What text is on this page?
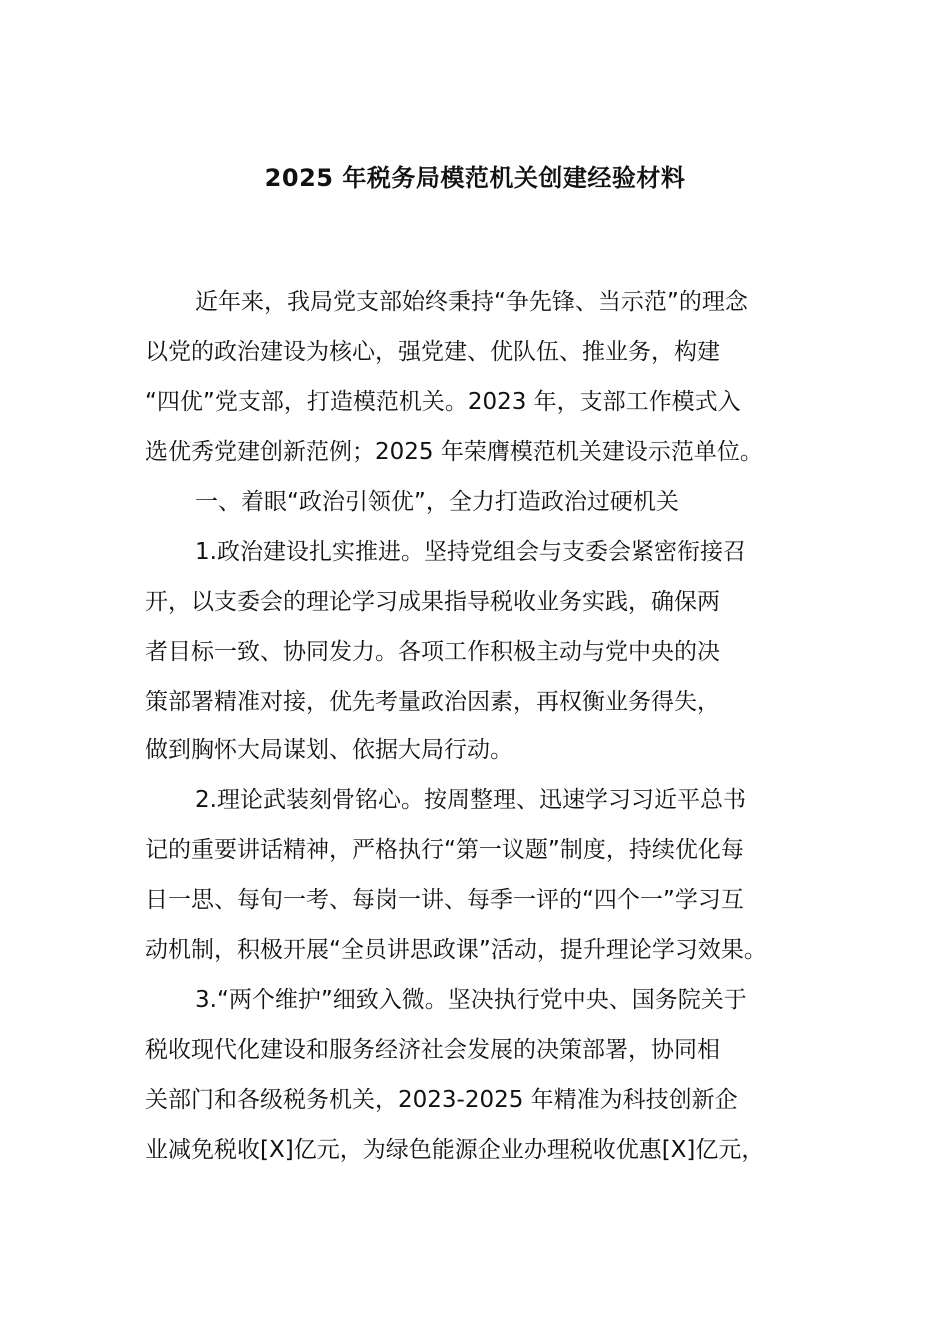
2025 年税务局模范机关创建经验材料
近年来，我局党支部始终秉持“争先锋、当示范”的理念
以党的政治建设为核心，强党建、优队伍、推业务，构建
“四优”党支部，打造模范机关。2023 年，支部工作模式入
选优秀党建创新范例；2025 年荣膺模范机关建设示范单位。
一、着眼“政治引领优”，全力打造政治过硬机关
1.政治建设扎实推进。坚持党组会与支委会紧密衔接召
开，以支委会的理论学习成果指导税收业务实践，确保两
者目标一致、协同发力。各项工作积极主动与党中央的决
策部署精准对接，优先考量政治因素，再权衡业务得失，
做到胸怀大局谋划、依据大局行动。
2.理论武装刻骨铭心。按周整理、迅速学习习近平总书
记的重要讲话精神，严格执行“第一议题”制度，持续优化每
日一思、每旬一考、每岗一讲、每季一评的“四个一”学习互
动机制，积极开展“全员讲思政课”活动，提升理论学习效果。
3.“两个维护”细致入微。坚决执行党中央、国务院关于
税收现代化建设和服务经济社会发展的决策部署，协同相
关部门和各级税务机关，2023-2025 年精准为科技创新企
业减免税收[X]亿元，为绿色能源企业办理税收优惠[X]亿元，
